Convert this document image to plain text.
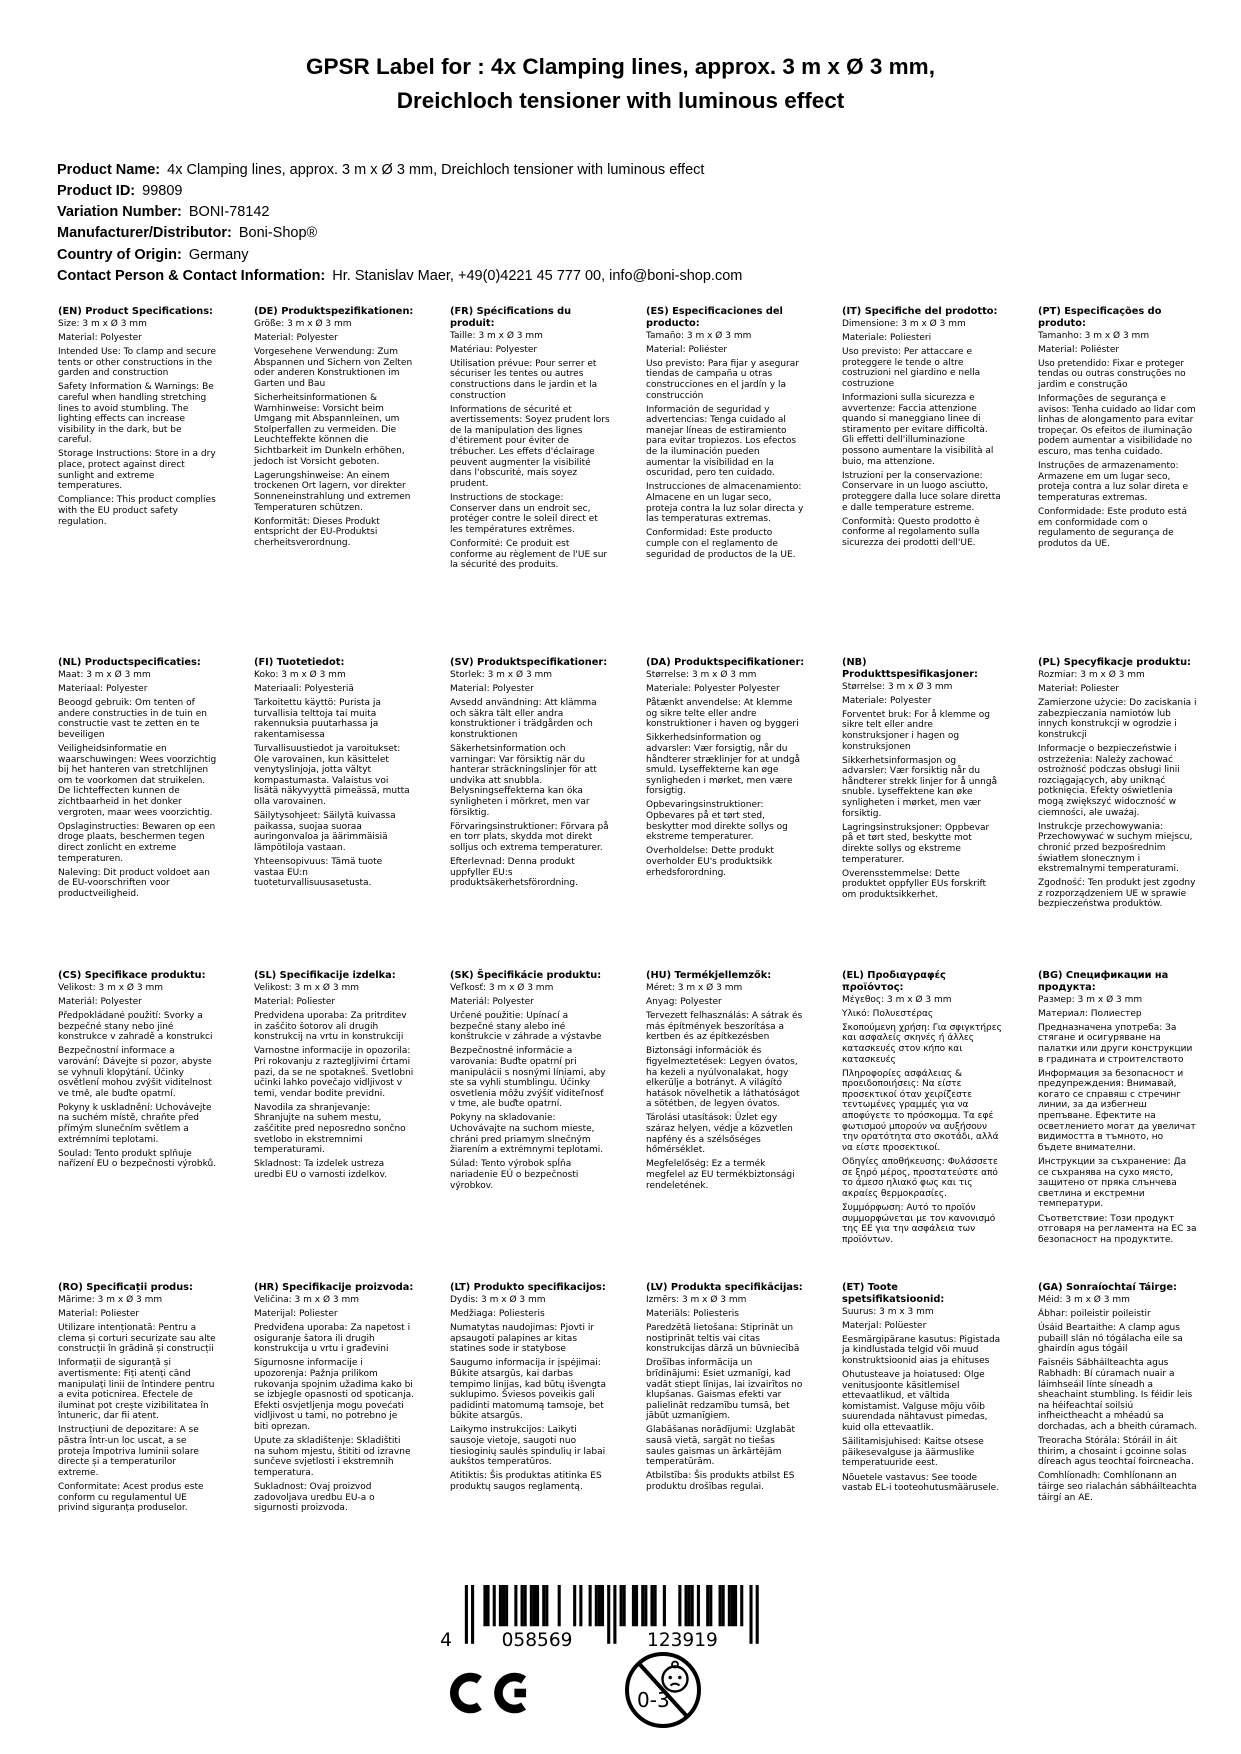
GPSR Label for : 4x Clamping lines, approx. 3 m x Ø 3 mm,
Dreichloch tensioner with luminous effect
Product Name: 4x Clamping lines, approx. 3 m x Ø 3 mm, Dreichloch tensioner with luminous effect
Product ID: 99809
Variation Number: BONI-78142
Manufacturer/Distributor: Boni-Shop®
Country of Origin: Germany
Contact Person & Contact Information: Hr. Stanislav Maer, +49(0)4221 45 777 00, info@boni-shop.com
(EN) Product Specifications:

Size: 3 m x Ø 3 mm

Material: Polyester

Intended Use: To clamp and secure tents or other constructions in the garden and construction

Safety Information & Warnings: Be careful when handling stretching lines to avoid stumbling. The lighting effects can increase visibility in the dark, but be careful.

Storage Instructions: Store in a dry place, protect against direct sunlight and extreme temperatures.

Compliance: This product complies with the EU product safety regulation.

(DE) Produktspezifikationen:

Größe: 3 m x Ø 3 mm

Material: Polyester

Vorgesehene Verwendung: Zum Abspannen und Sichern von Zelten oder anderen Konstruktionen im Garten und Bau

Sicherheitsinformationen & Warnhinweise: Vorsicht beim Umgang mit Abspannleinen, um Stolperfallen zu vermeiden. Die Leuchteffekte können die Sichtbarkeit im Dunkeln erhöhen, jedoch ist Vorsicht geboten.

Lagerungshinweise: An einem trockenen Ort lagern, vor direkter Sonneneinstrahlung und extremen Temperaturen schützen.

Konformität: Dieses Produkt entspricht der EU-Produktsi cherheitsverordnung.

(FR) Spécifications du produit:

Taille: 3 m x Ø 3 mm

Matériau: Polyester

Utilisation prévue: Pour serrer et sécuriser les tentes ou autres constructions dans le jardin et la construction

Informations de sécurité et avertissements: Soyez prudent lors de la manipulation des lignes d'étirement pour éviter de trébucher. Les effets d'éclairage peuvent augmenter la visibilité dans l'obscurité, mais soyez prudent.

Instructions de stockage: Conserver dans un endroit sec, protéger contre le soleil direct et les températures extrêmes.

Conformité: Ce produit est conforme au règlement de l'UE sur la sécurité des produits.

(ES) Especificaciones del producto:

Tamaño: 3 m x Ø 3 mm

Material: Poliéster

Uso previsto: Para fijar y asegurar tiendas de campaña u otras construcciones en el jardín y la construcción

Información de seguridad y advertencias: Tenga cuidado al manejar líneas de estiramiento para evitar tropiezos. Los efectos de la iluminación pueden aumentar la visibilidad en la oscuridad, pero ten cuidado.

Instrucciones de almacenamiento: Almacene en un lugar seco, proteja contra la luz solar directa y las temperaturas extremas.

Conformidad: Este producto cumple con el reglamento de seguridad de productos de la UE.

(IT) Specifiche del prodotto:

Dimensione: 3 m x Ø 3 mm

Materiale: Poliesteri

Uso previsto: Per attaccare e proteggere le tende o altre costruzioni nel giardino e nella costruzione

Informazioni sulla sicurezza e avvertenze: Faccia attenzione quando si maneggiano linee di stiramento per evitare difficoltà. Gli effetti dell'illuminazione possono aumentare la visibilità al buio, ma attenzione.

Istruzioni per la conservazione: Conservare in un luogo asciutto, proteggere dalla luce solare diretta e dalle temperature estreme.

Conformità: Questo prodotto è conforme al regolamento sulla sicurezza dei prodotti dell'UE.

(PT) Especificações do produto:

Tamanho: 3 m x Ø 3 mm

Material: Poliéster

Uso pretendido: Fixar e proteger tendas ou outras construções no jardim e construção

Informações de segurança e avisos: Tenha cuidado ao lidar com linhas de alongamento para evitar tropeçar. Os efeitos de iluminação podem aumentar a visibilidade no escuro, mas tenha cuidado.

Instruções de armazenamento: Armazene em um lugar seco, proteja contra a luz solar direta e temperaturas extremas.

Conformidade: Este produto está em conformidade com o regulamento de segurança de produtos da UE.

(NL) Productspecificaties:

Maat: 3 m x Ø 3 mm

Materiaal: Polyester

Beoogd gebruik: Om tenten of andere constructies in de tuin en constructie vast te zetten en te beveiligen

Veiligheidsinformatie en waarschuwingen: Wees voorzichtig bij het hanteren van stretchlijnen om te voorkomen dat struikelen. De lichteffecten kunnen de zichtbaarheid in het donker vergroten, maar wees voorzichtig.

Opslaginstructies: Bewaren op een droge plaats, beschermen tegen direct zonlicht en extreme temperaturen.

Naleving: Dit product voldoet aan de EU-voorschriften voor productveiligheid.

(FI) Tuotetiedot:

Koko: 3 m x Ø 3 mm

Materiaali: Polyesteriä

Tarkoitettu käyttö: Purista ja turvallisia telttoja tai muita rakennuksia puutarhassa ja rakentamisessa

Turvallisuustiedot ja varoitukset: Ole varovainen, kun käsittelet venytyslinjoja, jotta vältyt kompastumasta. Valaistus voi lisätä näkyvyyttä pimeässä, mutta olla varovainen.

Säilytysohjeet: Säilytä kuivassa paikassa, suojaa suoraa auringonvaloa ja äärimmäisiä lämpötiloja vastaan.

Yhteensopivuus: Tämä tuote vastaa EU:n tuoteturvallisuusasetusta.

(SV) Produktspecifikationer:

Storlek: 3 m x Ø 3 mm

Material: Polyester

Avsedd användning: Att klämma och säkra tält eller andra konstruktioner i trädgården och konstruktionen

Säkerhetsinformation och varningar: Var försiktig när du hanterar sträckningslinjer för att undvika att snubbla. Belysningseffekterna kan öka synligheten i mörkret, men var försiktig.

Förvaringsinstruktioner: Förvara på en torr plats, skydda mot direkt solljus och extrema temperaturer.

Efterlevnad: Denna produkt uppfyller EU:s produktsäkerhetsförordning.

(DA) Produktspecifikationer:

Størrelse: 3 m x Ø 3 mm

Materiale: Polyester Polyester

Påtænkt anvendelse: At klemme og sikre telte eller andre konstruktioner i haven og byggeri

Sikkerhedsinformation og advarsler: Vær forsigtig, når du håndterer stræklinjer for at undgå smuld. Lyseffekterne kan øge synligheden i mørket, men være forsigtig.

Opbevaringsinstruktioner: Opbevares på et tørt sted, beskytter mod direkte sollys og ekstreme temperaturer.

Overholdelse: Dette produkt overholder EU's produktsikk erhedsforordning.

(NB) Produkttspesifikasjoner:

Størrelse: 3 m x Ø 3 mm

Materiale: Polyester

Forventet bruk: For å klemme og sikre telt eller andre konstruksjoner i hagen og konstruksjonen

Sikkerhetsinformasjon og advarsler: Vær forsiktig når du håndterer strekk linjer for å unngå snuble. Lyseffektene kan øke synligheten i mørket, men vær forsiktig.

Lagringsinstruksjoner: Oppbevar på et tørt sted, beskytte mot direkte sollys og ekstreme temperaturer.

Overensstemmelse: Dette produktet oppfyller EUs forskrift om produktsikkerhet.

(PL) Specyfikacje produktu:

Rozmiar: 3 m x Ø 3 mm

Materiał: Poliester

Zamierzone użycie: Do zaciskania i zabezpieczania namiotów lub innych konstrukcji w ogrodzie i konstrukcji

Informacje o bezpieczeństwie i ostrzeżenia: Należy zachować ostrożność podczas obsługi linii rozciągających, aby uniknąć potknięcia. Efekty oświetlenia mogą zwiększyć widoczność w ciemności, ale uważaj.

Instrukcje przechowywania: Przechowywać w suchym miejscu, chronić przed bezpośrednim światłem słonecznym i ekstremalnymi temperaturami.

Zgodność: Ten produkt jest zgodny z rozporządzeniem UE w sprawie bezpieczeństwa produktów.

(CS) Specifikace produktu:

Velikost: 3 m x Ø 3 mm

Materiál: Polyester

Předpokládané použití: Svorky a bezpečné stany nebo jiné konstrukce v zahradě a konstrukci

Bezpečnostní informace a varování: Dávejte si pozor, abyste se vyhnuli klopýtání. Účinky osvětlení mohou zvýšit viditelnost ve tmě, ale buďte opatrní.

Pokyny k uskladnění: Uchovávejte na suchém místě, chraňte před přímým slunečním světlem a extrémními teplotami.

Soulad: Tento produkt splňuje nařízení EU o bezpečnosti výrobků.

(SL) Specifikacije izdelka:

Velikost: 3 m x Ø 3 mm

Material: Poliester

Predvidena uporaba: Za pritrditev in zaščito šotorov ali drugih konstrukcij na vrtu in konstrukciji

Varnostne informacije in opozorila: Pri rokovanju z raztegljivimi črtami pazi, da se ne spotakneš. Svetlobni učinki lahko povečajo vidljivost v temi, vendar bodite previdni.

Navodila za shranjevanje: Shranjujte na suhem mestu, zaščitite pred neposredno sončno svetlobo in ekstremnimi temperaturami.

Skladnost: Ta izdelek ustreza uredbi EU o varnosti izdelkov.

(SK) Špecifikácie produktu:

Veľkosť: 3 m x Ø 3 mm

Materiál: Polyester

Určené použitie: Upínací a bezpečné stany alebo iné konštrukcie v záhrade a výstavbe

Bezpečnostné informácie a varovania: Buďte opatrní pri manipulácii s nosnými líniami, aby ste sa vyhli stumblingu. Účinky osvetlenia môžu zvýšiť viditeľnosť v tme, ale buďte opatrní.

Pokyny na skladovanie: Uchovávajte na suchom mieste, chráni pred priamym slnečným žiarením a extrémnymi teplotami.

Súlad: Tento výrobok spĺňa nariadenie EÚ o bezpečnosti výrobkov.

(HU) Termékjellemzők:

Méret: 3 m x Ø 3 mm

Anyag: Polyester

Tervezett felhasználás: A sátrak és más építmények beszorítása a kertben és az építkezésben

Biztonsági információk és figyelmeztetések: Legyen óvatos, ha kezeli a nyúlvonalakat, hogy elkerülje a botrányt. A világító hatások növelhetik a láthatóságot a sötétben, de legyen óvatos.

Tárolási utasítások: Üzlet egy száraz helyen, védje a közvetlen napfény és a szélsőséges hőmérséklet.

Megfelelőség: Ez a termék megfelel az EU termékbiztonsági rendeletének.

(EL) Προδιαγραφές προϊόντος:

Μέγεθος: 3 m x Ø 3 mm

Υλικό: Πολυεστέρας

Σκοπούμενη χρήση: Για σφιγκτήρες και ασφαλείς σκηνές ή άλλες κατασκευές στον κήπο και κατασκευές

Πληροφορίες ασφάλειας & προειδοποιήσεις: Να είστε προσεκτικοί όταν χειρίζεστε τεντωμένες γραμμές για να αποφύγετε το πρόσκομμα. Τα εφέ φωτισμού μπορούν να αυξήσουν την ορατότητα στο σκοτάδι, αλλά να είστε προσεκτικοί.

Οδηγίες αποθήκευσης: Φυλάσσετε σε ξηρό μέρος, προστατεύστε από το άμεσο ηλιακό φως και τις ακραίες θερμοκρασίες.

Συμμόρφωση: Αυτό το προϊόν συμμορφώνεται με τον κανονισμό της ΕΕ για την ασφάλεια των προϊόντων.

(BG) Спецификации на продукта:

Размер: 3 m x Ø 3 mm

Материал: Полиестер

Предназначена употреба: За стягане и осигуряване на палатки или други конструкции в градината и строителството

Информация за безопасност и предупреждения: Внимавай, когато се справяш с стречинг линии, за да избегнеш препъване. Ефектите на осветлението могат да увеличат видимостта в тъмното, но бъдете внимателни.

Инструкции за съхранение: Да се съхранява на сухо място, защитено от пряка слънчева светлина и екстремни температури.

Съответствие: Този продукт отговаря на регламента на ЕС за безопасност на продуктите.

(RO) Specificații produs:

Mărime: 3 m x Ø 3 mm

Material: Poliester

Utilizare intenționată: Pentru a clema și corturi securizate sau alte construcții în grădină și construcții

Informații de siguranță și avertismente: Fiți atenți când manipulați linii de întindere pentru a evita poticnirea. Efectele de iluminat pot crește vizibilitatea în întuneric, dar fii atent.

Instrucțiuni de depozitare: A se păstra într-un loc uscat, a se proteja împotriva luminii solare directe și a temperaturilor extreme.

Conformitate: Acest produs este conform cu regulamentul UE privind siguranța produselor.

(HR) Specifikacije proizvoda:

Veličina: 3 m x Ø 3 mm

Materijal: Poliester

Predviđena uporaba: Za napetost i osiguranje šatora ili drugih konstrukcija u vrtu i građevini

Sigurnosne informacije i upozorenja: Pažnja prilikom rukovanja spojnim užadima kako bi se izbjegle opasnosti od spoticanja. Efekti osvjetljenja mogu povećati vidljivost u tami, no potrebno je biti oprezan.

Upute za skladištenje: Skladištiti na suhom mjestu, štititi od izravne sunčeve svjetlosti i ekstremnih temperatura.

Sukladnost: Ovaj proizvod zadovoljava uredbu EU-a o sigurnosti proizvoda.

(LT) Produkto specifikacijos:

Dydis: 3 m x Ø 3 mm

Medžiaga: Poliesteris

Numatytas naudojimas: Pjovti ir apsaugoti palapines ar kitas statines sode ir statybose

Saugumo informacija ir įspėjimai: Būkite atsargūs, kai darbas tempimo linijas, kad būtų išvengta suklupimo. Šviesos poveikis gali padidinti matomumą tamsoje, bet būkite atsargūs.

Laikymo instrukcijos: Laikyti sausoje vietoje, saugoti nuo tiesioginių saulės spindulių ir labai aukštos temperatūros.

Atitiktis: Šis produktas atitinka ES produktų saugos reglamentą.

(LV) Produkta specifikācijas:

Izmērs: 3 m x Ø 3 mm

Materiāls: Poliesteris

Paredzētā lietošana: Stiprināt un nostiprināt teltis vai citas konstrukcijas dārzā un būvniecībā

Drošības informācija un brīdinājumi: Esiet uzmanīgi, kad vadāt stiept līnijas, lai izvairītos no klupšanas. Gaismas efekti var palielināt redzamību tumsā, bet jābūt uzmanīgiem.

Glabāšanas norādījumi: Uzglabāt sausā vietā, sargāt no tiešas saules gaismas un ārkārtējām temperatūrām.

Atbilstība: Šis produkts atbilst ES produktu drošības regulai.

(ET) Toote spetsifikatsioonid:

Suurus: 3 m x 3 mm

Materjal: Polüester

Eesmärgipärane kasutus: Pigistada ja kindlustada telgid või muud konstruktsioonid aias ja ehituses

Ohutusteave ja hoiatused: Olge venitusjoonte käsitlemisel ettevaatlikud, et vältida komistamist. Valguse mõju võib suurendada nähtavust pimedas, kuid olla ettevaatlik.

Säilitamisjuhised: Kaitse otsese päikesevalguse ja äärmuslike temperatuuride eest.

Nõuetele vastavus: See toode vastab EL-i tooteohutusmäärusele.

(GA) Sonraíochtaí Táirge:

Méid: 3 m x Ø 3 mm

Ábhar: poileistir poileistir

Úsáid Beartaithe: A clamp agus pubaill slán nó tógálacha eile sa ghairdín agus tógáil

Faisnéis Sábháilteachta agus Rabhadh: Bí cúramach nuair a láimhseáil línte síneadh a sheachaint stumbling. Is féidir leis na héifeachtaí soilsiú infheictheacht a mhéadú sa dorchadas, ach a bheith cúramach.

Treoracha Stórála: Stóráil in áit thirim, a chosaint i gcoinne solas díreach agus teochtaí foircneacha.

Comhlíonadh: Comhlíonann an táirge seo rialachán sábháilteachta táirgí an AE.

4	058569	123919
0-3
